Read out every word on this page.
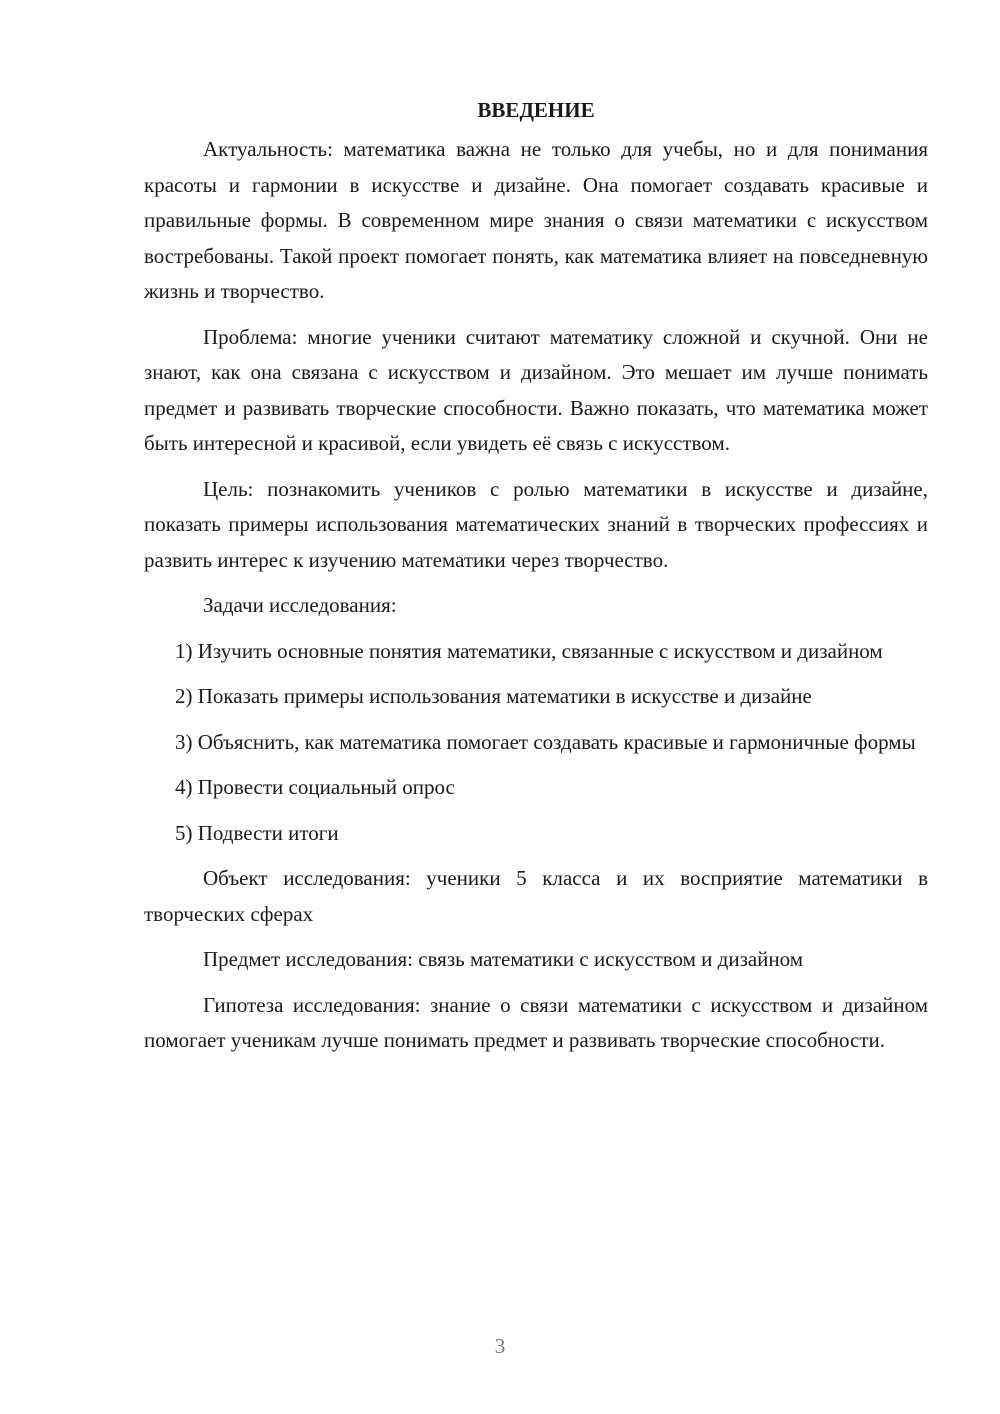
ВВЕДЕНИЕ

Актуальность: математика важна не только для учебы, но и для понимания красоты и гармонии в искусстве и дизайне. Она помогает создавать красивые и правильные формы. В современном мире знания о связи математики с искусством востребованы. Такой проект помогает понять, как математика влияет на повседневную жизнь и творчество.

Проблема: многие ученики считают математику сложной и скучной. Они не знают, как она связана с искусством и дизайном. Это мешает им лучше понимать предмет и развивать творческие способности. Важно показать, что математика может быть интересной и красивой, если увидеть её связь с искусством.

Цель: познакомить учеников с ролью математики в искусстве и дизайне, показать примеры использования математических знаний в творческих профессиях и развить интерес к изучению математики через творчество.

Задачи исследования:

1) Изучить основные понятия математики, связанные с искусством и дизайном

2) Показать примеры использования математики в искусстве и дизайне

3) Объяснить, как математика помогает создавать красивые и гармоничные формы

4) Провести социальный опрос

5) Подвести итоги

Объект исследования: ученики 5 класса и их восприятие математики в творческих сферах

Предмет исследования: связь математики с искусством и дизайном

Гипотеза исследования: знание о связи математики с искусством и дизайном помогает ученикам лучше понимать предмет и развивать творческие способности.

3
